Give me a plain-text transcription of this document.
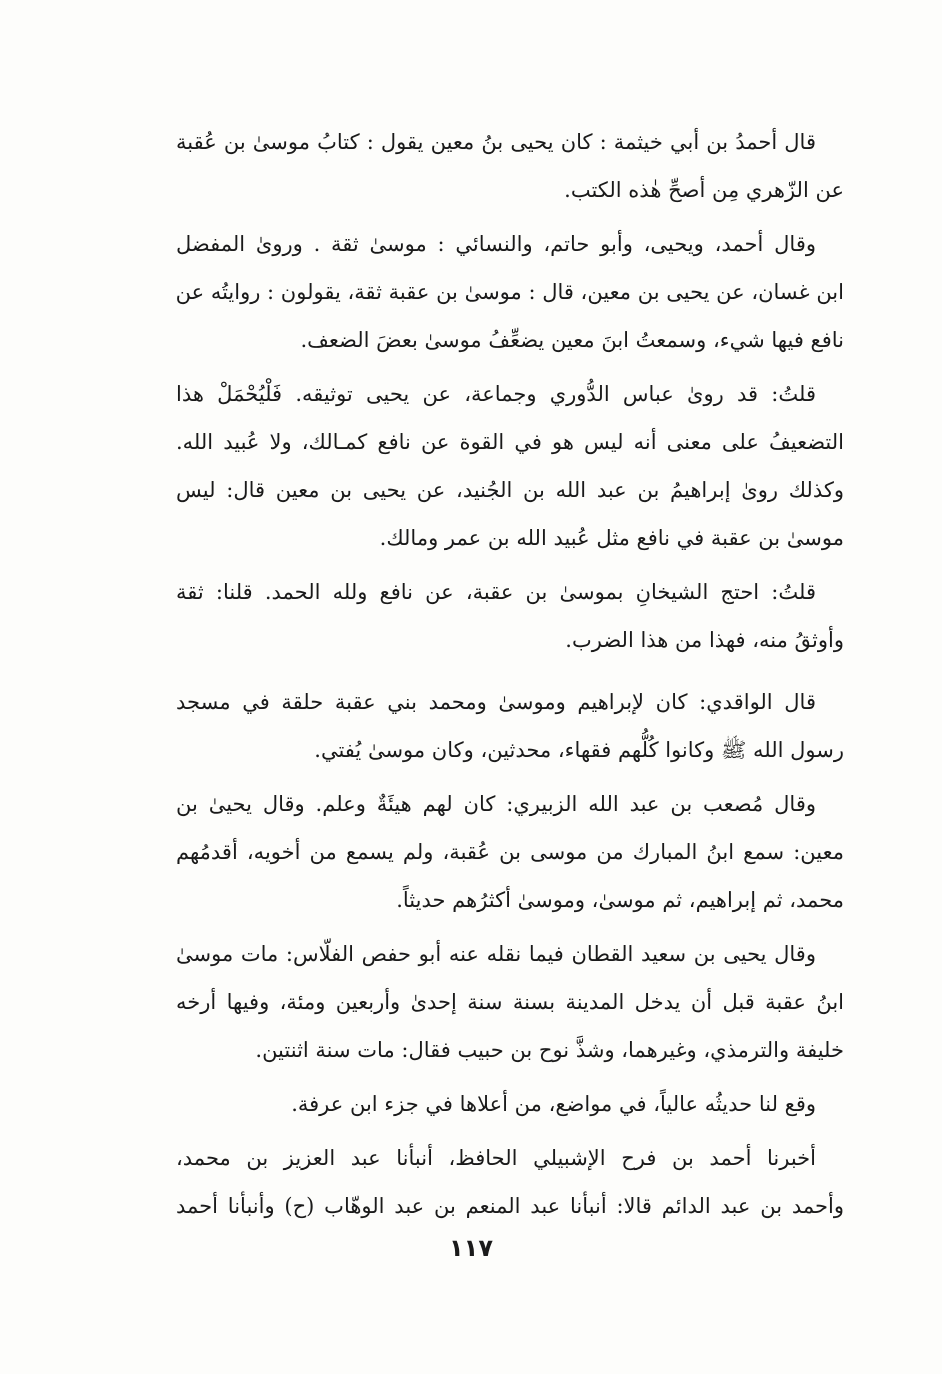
قال أحمدُ بن أبي خيثمة : كان يحيى بنُ معين يقول : كتابُ موسىٰ بن عُقبة
عن الزّهري مِن أصحِّ هٰذه الكتب.
وقال أحمد، ويحيى، وأبو حاتم، والنسائي : موسىٰ ثقة . وروىٰ المفضل
ابن غسان، عن يحيى بن معين، قال : موسىٰ بن عقبة ثقة، يقولون : روايتُه عن
نافع فيها شيء، وسمعتُ ابنَ معين يضعِّفُ موسىٰ بعضَ الضعف.
قلتُ: قد روىٰ عباس الدُّوري وجماعة، عن يحيى توثيقه. فَلْيُحْمَلْ هذا
التضعيفُ على معنى أنه ليس هو في القوة عن نافع كمـالك، ولا عُبيد الله.
وكذلك روىٰ إبراهيمُ بن عبد الله بن الجُنيد، عن يحيى بن معين قال: ليس
موسىٰ بن عقبة في نافع مثل عُبيد الله بن عمر ومالك.
قلتُ: احتج الشيخانِ بموسىٰ بن عقبة، عن نافع ولله الحمد. قلنا: ثقة
وأوثقُ منه، فهذا من هذا الضرب.
قال الواقدي: كان لإبراهيم وموسىٰ ومحمد بني عقبة حلقة في مسجد
رسول الله ﷺ وكانوا كُلُّهم فقهاء، محدثين، وكان موسىٰ يُفتي.
وقال مُصعب بن عبد الله الزبيري: كان لهم هيئَةٌ وعلم. وقال يحيىٰ بن
معين: سمع ابنُ المبارك من موسى بن عُقبة، ولم يسمع من أخويه، أقدمُهم
محمد، ثم إبراهيم، ثم موسىٰ، وموسىٰ أكثرُهم حديثاً.
وقال يحيى بن سعيد القطان فيما نقله عنه أبو حفص الفلّاس: مات موسىٰ
ابنُ عقبة قبل أن يدخل المدينة بسنة سنة إحدىٰ وأربعين ومئة، وفيها أرخه
خليفة والترمذي، وغيرهما، وشذَّ نوح بن حبيب فقال: مات سنة اثنتين.
وقع لنا حديثُه عالياً، في مواضع، من أعلاها في جزء ابن عرفة.
أخبرنا أحمد بن فرح الإشبيلي الحافظ، أنبأنا عبد العزيز بن محمد،
وأحمد بن عبد الدائم قالا: أنبأنا عبد المنعم بن عبد الوهّاب (ح) وأنبأنا أحمد
١١٧
